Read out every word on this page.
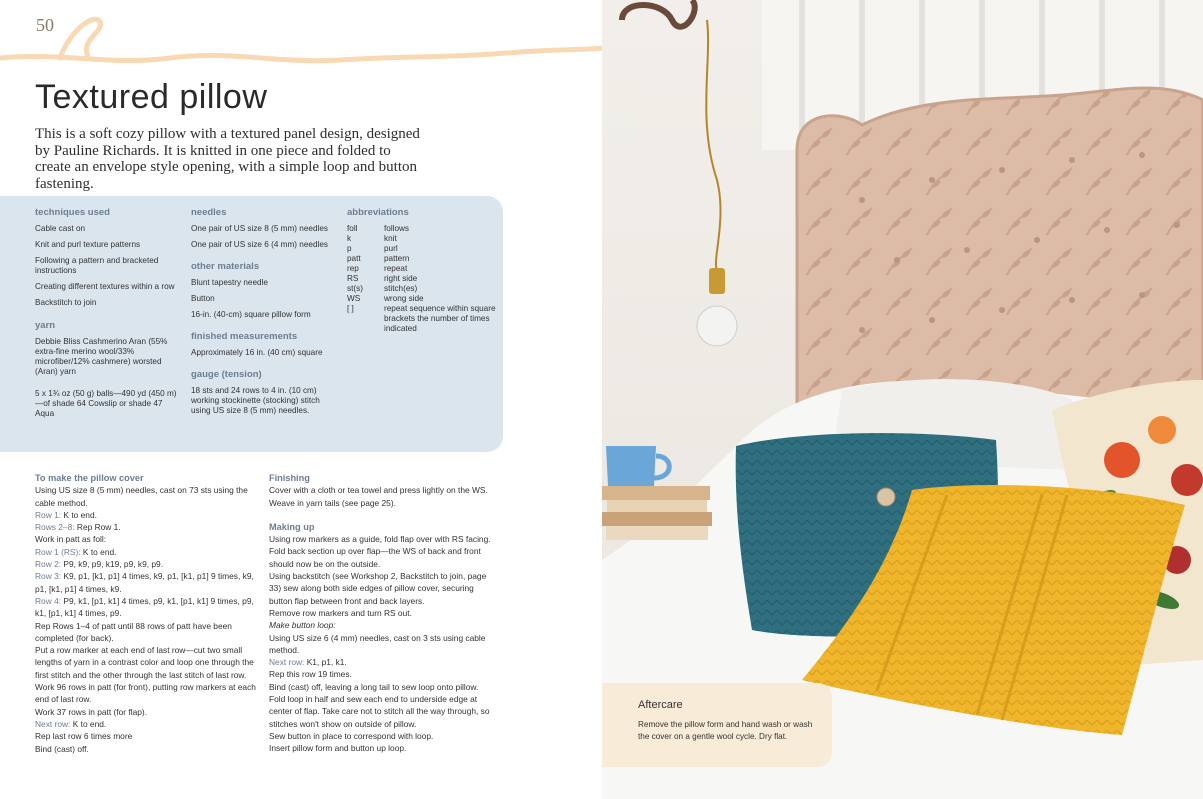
50
Textured pillow

This is a soft cozy pillow with a textured panel design, designed by Pauline Richards. It is knitted in one piece and folded to create an envelope style opening, with a simple loop and button fastening.

techniques used

Cable cast on

Knit and purl texture patterns

Following a pattern and bracketed instructions

Creating different textures within a row

Backstitch to join

yarn

Debbie Bliss Cashmerino Aran (55% extra-fine merino wool/33% microfiber/12% cashmere) worsted (Aran) yarn

5 x 1¾ oz (50 g) balls—490 yd (450 m) —of shade 64 Cowslip or shade 47 Aqua

needles

One pair of US size 8 (5 mm) needles

One pair of US size 6 (4 mm) needles

other materials

Blunt tapestry needle

Button

16-in. (40-cm) square pillow form

finished measurements

Approximately 16 in. (40 cm) square

gauge (tension)

18 sts and 24 rows to 4 in. (10 cm) working stockinette (stocking) stitch using US size 8 (5 mm) needles.

abbreviations
foll	follows
k	knit
p	purl
patt	pattern
rep	repeat
RS	right side
st(s)	stitch(es)
WS	wrong side
[ ]	repeat sequence within square brackets the number of times indicated
To make the pillow cover

Using US size 8 (5 mm) needles, cast on 73 sts using the cable method.

Row 1: K to end.

Rows 2–8: Rep Row 1.

Work in patt as foll:

Row 1 (RS): K to end.

Row 2: P9, k9, p9, k19, p9, k9, p9.

Row 3: K9, p1, [k1, p1] 4 times, k9, p1, [k1, p1] 9 times, k9, p1, [k1, p1] 4 times, k9.

Row 4: P9, k1, [p1, k1] 4 times, p9, k1, [p1, k1] 9 times, p9, k1, [p1, k1] 4 times, p9.

Rep Rows 1–4 of patt until 88 rows of patt have been completed (for back).

Put a row marker at each end of last row—cut two small lengths of yarn in a contrast color and loop one through the first stitch and the other through the last stitch of last row.

Work 96 rows in patt (for front), putting row markers at each end of last row.

Work 37 rows in patt (for flap).

Next row: K to end.

Rep last row 6 times more

Bind (cast) off.

Finishing

Cover with a cloth or tea towel and press lightly on the WS. Weave in yarn tails (see page 25).

Making up

Using row markers as a guide, fold flap over with RS facing. Fold back section up over flap—the WS of back and front should now be on the outside.

Using backstitch (see Workshop 2, Backstitch to join, page 33) sew along both side edges of pillow cover, securing button flap between front and back layers.

Remove row markers and turn RS out.

Make button loop:

Using US size 6 (4 mm) needles, cast on 3 sts using cable method.

Next row: K1, p1, k1.

Rep this row 19 times.

Bind (cast) off, leaving a long tail to sew loop onto pillow.

Fold loop in half and sew each end to underside edge at center of flap. Take care not to stitch all the way through, so stitches won't show on outside of pillow.

Sew button in place to correspond with loop.

Insert pillow form and button up loop.

Aftercare

Remove the pillow form and hand wash or wash the cover on a gentle wool cycle. Dry flat.
